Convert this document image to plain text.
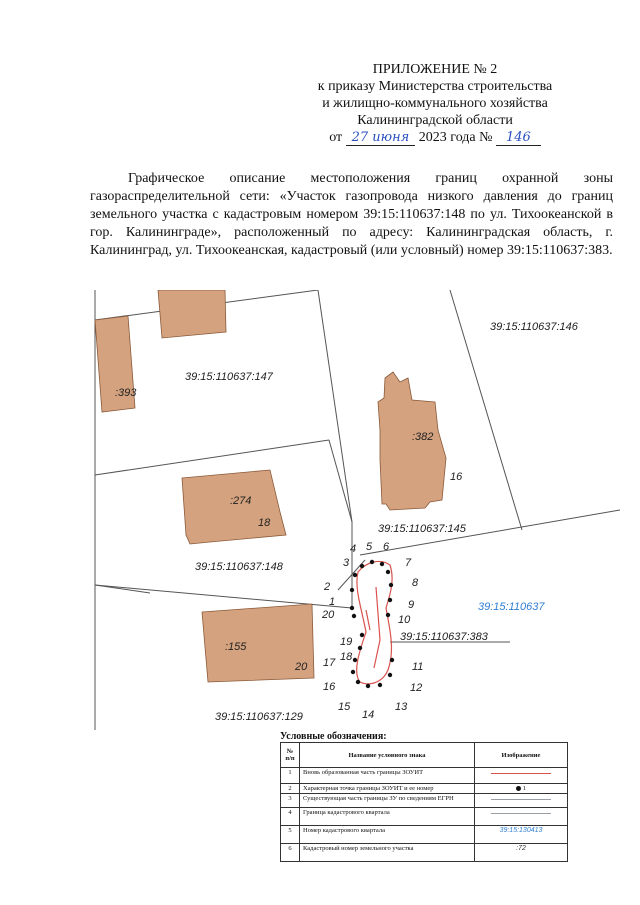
ПРИЛОЖЕНИЕ № 2
к приказу Министерства строительства
и жилищно-коммунального хозяйства
Калининградской области
от 27 июня 2023 года № 146
Графическое описание местоположения границ охранной зоны газораспределительной сети: «Участок газопровода низкого давления до границ земельного участка с кадастровым номером 39:15:110637:148 по ул. Тихоокеанской в гор. Калининграде», расположенный по адресу: Калининградская область, г. Калининград, ул. Тихоокеанская, кадастровый (или условный) номер 39:15:110637:383.
39:15:110637:146
39:15:110637:147
39:15:110637:145
39:15:110637:148
39:15:110637:383
39:15:110637:129
39:15:110637
:393
:382
16
:274
18
:155
20
1
2
3
4 5 6
7
8
9
10
11
12
13
14
15
16
17 18
19
20
Условные обозначения:
№ п/п	Название условного знака	Изображение
1	Вновь образованная часть границы ЗОУИТ	
2	Характерная точка границы ЗОУИТ и ее номер	1
3	Существующая часть границы ЗУ по сведениям ЕГРН	
4	Граница кадастрового квартала	
5	Номер кадастрового квартала	39:15:130413
6	Кадастровый номер земельного участка	:72
